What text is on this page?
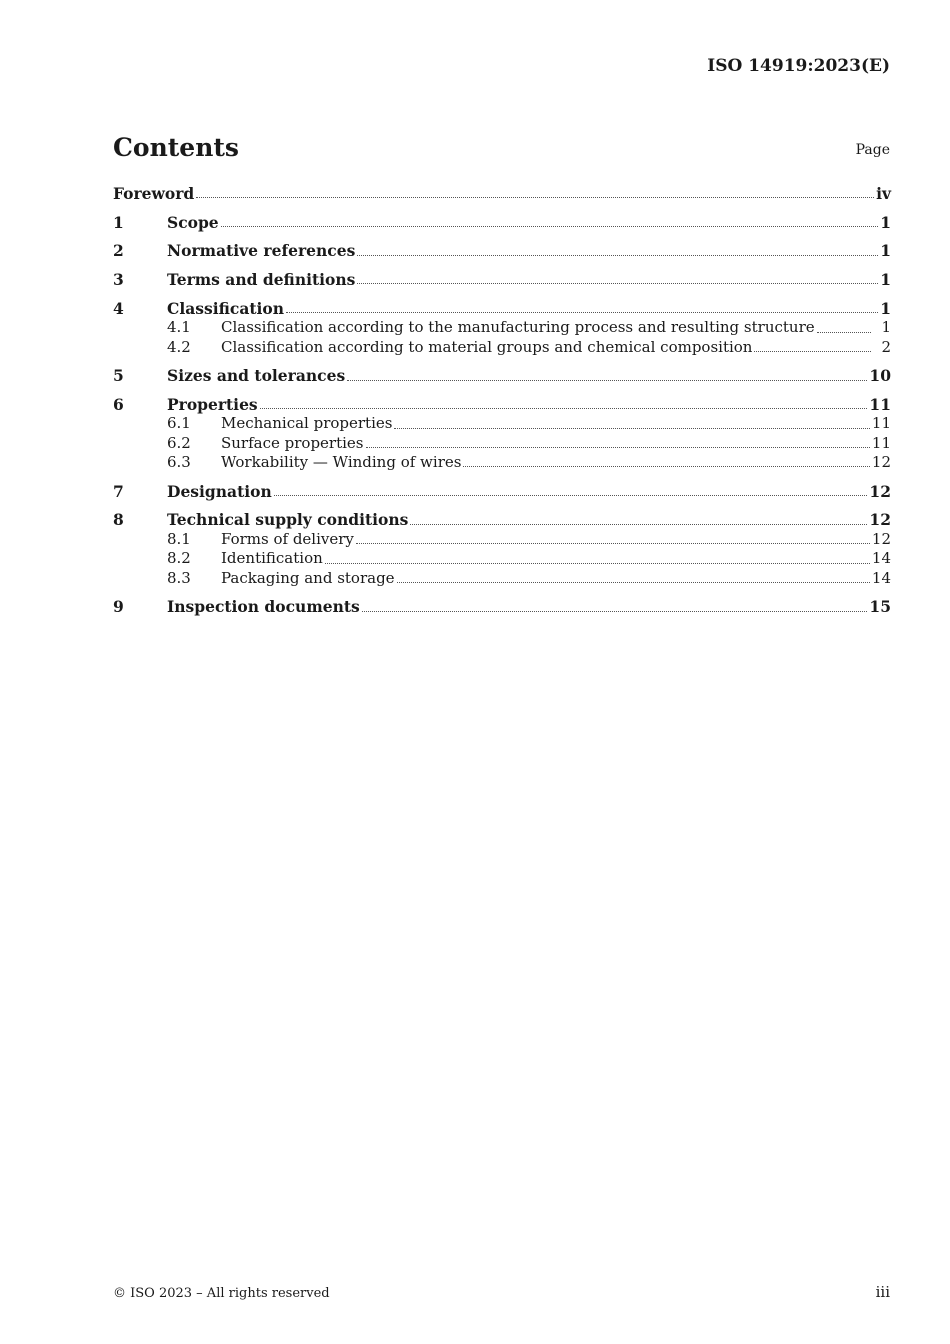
ISO 14919:2023(E)
Contents	Page
Foreword	iv
1	Scope	1
2	Normative references	1
3	Terms and definitions	1
4	Classification	1
4.1	Classification according to the manufacturing process and resulting structure	1
4.2	Classification according to material groups and chemical composition	2
5	Sizes and tolerances	10
6	Properties	11
6.1	Mechanical properties	11
6.2	Surface properties	11
6.3	Workability — Winding of wires	12
7	Designation	12
8	Technical supply conditions	12
8.1	Forms of delivery	12
8.2	Identification	14
8.3	Packaging and storage	14
9	Inspection documents	15
© ISO 2023 – All rights reserved	iii
